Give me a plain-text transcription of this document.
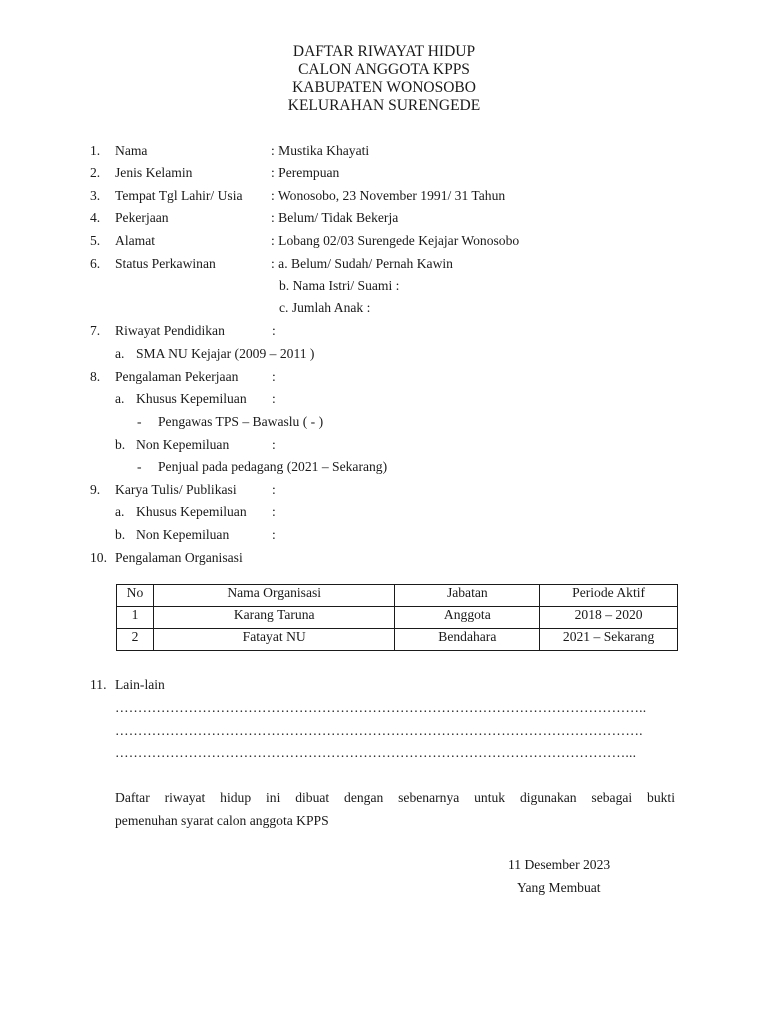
DAFTAR RIWAYAT HIDUP
CALON ANGGOTA KPPS
KABUPATEN WONOSOBO
KELURAHAN SURENGEDE
1. Nama	: Mustika Khayati
2. Jenis Kelamin	: Perempuan
3. Tempat Tgl Lahir/ Usia : Wonosobo, 23 November 1991/ 31 Tahun
4. Pekerjaan	: Belum/ Tidak Bekerja
5. Alamat	: Lobang 02/03 Surengede Kejajar Wonosobo
6. Status Perkawinan	: a. Belum/ Sudah/ Pernah Kawin
b. Nama Istri/ Suami :
c. Jumlah Anak :
7. Riwayat Pendidikan	:
a. SMA NU Kejajar (2009 – 2011 )
8. Pengalaman Pekerjaan :
a. Khusus Kepemiluan :
- Pengawas TPS – Bawaslu ( - )
b. Non Kepemiluan	:
- Penjual pada pedagang (2021 – Sekarang)
9. Karya Tulis/ Publikasi	:
a. Khusus Kepemiluan :
b. Non Kepemiluan	:
10. Pengalaman Organisasi
No	Nama Organisasi	Jabatan	Periode Aktif
1	Karang Taruna	Anggota	2018 – 2020
2	Fatayat NU	Bendahara	2021 – Sekarang
11. Lain-lain
……………………………………………………………………………………………………..
…………………………………………………………………………………………………….
…………………………………………………………………………………………………...
Daftar riwayat hidup ini dibuat dengan sebenarnya untuk digunakan sebagai bukti
pemenuhan syarat calon anggota KPPS
11 Desember 2023
Yang Membuat
